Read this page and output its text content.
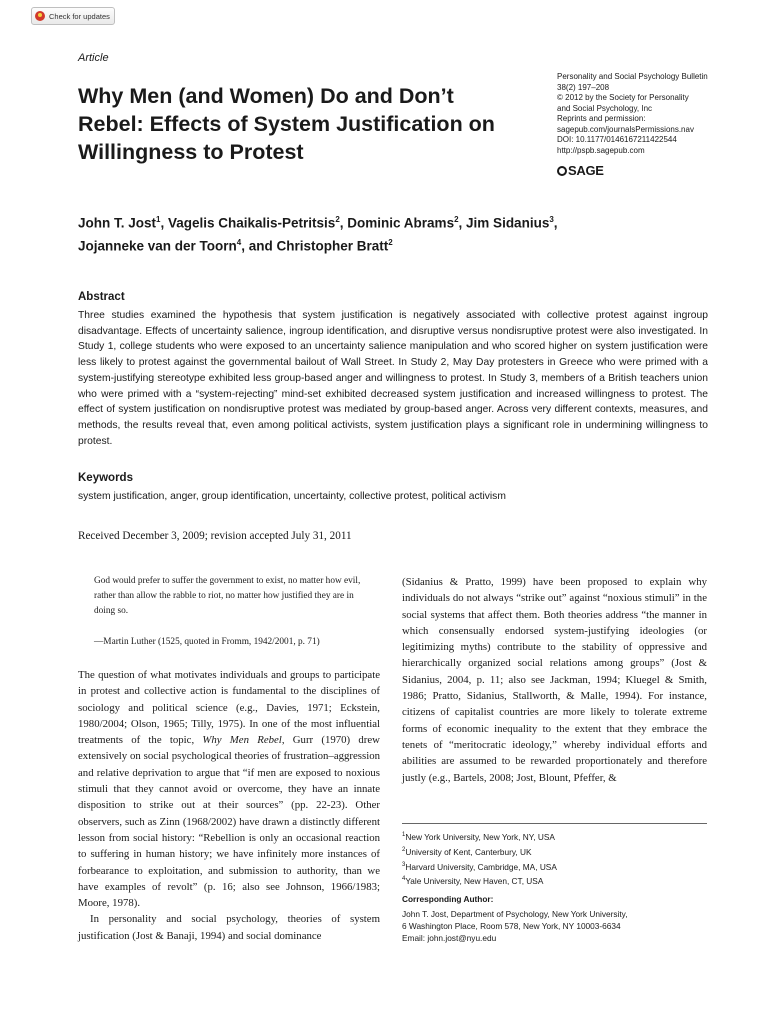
Check for updates
Article
Why Men (and Women) Do and Don’t Rebel: Effects of System Justification on Willingness to Protest
Personality and Social Psychology Bulletin
38(2) 197–208
© 2012 by the Society for Personality
and Social Psychology, Inc
Reprints and permission:
sagepub.com/journalsPermissions.nav
DOI: 10.1177/0146167211422544
http://pspb.sagepub.com
SAGE
John T. Jost$^1$, Vagelis Chaikalis-Petritsis$^2$, Dominic Abrams$^2$, Jim Sidanius$^3$,
Jojanneke van der Toorn$^4$, and Christopher Bratt$^2$
Abstract
Three studies examined the hypothesis that system justification is negatively associated with collective protest against ingroup disadvantage. Effects of uncertainty salience, ingroup identification, and disruptive versus nondisruptive protest were also investigated. In Study 1, college students who were exposed to an uncertainty salience manipulation and who scored higher on system justification were less likely to protest against the governmental bailout of Wall Street. In Study 2, May Day protesters in Greece who were primed with a system-justifying stereotype exhibited less group-based anger and willingness to protest. In Study 3, members of a British teachers union who were primed with a “system-rejecting” mind-set exhibited decreased system justification and increased willingness to protest. The effect of system justification on nondisruptive protest was mediated by group-based anger. Across very different contexts, measures, and methods, the results reveal that, even among political activists, system justification plays a significant role in undermining willingness to protest.
Keywords
system justification, anger, group identification, uncertainty, collective protest, political activism
Received December 3, 2009; revision accepted July 31, 2011
God would prefer to suffer the government to exist, no matter how evil, rather than allow the rabble to riot, no matter how justified they are in doing so.
—Martin Luther (1525, quoted in Fromm, 1942/2001, p. 71)

The question of what motivates individuals and groups to participate in protest and collective action is fundamental to the disciplines of sociology and political science (e.g., Davies, 1971; Eckstein, 1980/2004; Olson, 1965; Tilly, 1975). In one of the most influential treatments of the topic, Why Men Rebel, Gurr (1970) drew extensively on social psychological theories of frustration–aggression and relative deprivation to argue that “if men are exposed to noxious stimuli that they cannot avoid or overcome, they have an innate disposition to strike out at their sources” (pp. 22-23). Other observers, such as Zinn (1968/2002) have drawn a distinctly different lesson from social history: “Rebellion is only an occasional reaction to suffering in human history; we have infinitely more instances of forbearance to exploitation, and submission to authority, than we have examples of revolt” (p. 16; also see Johnson, 1966/1983; Moore, 1978).

In personality and social psychology, theories of system justification (Jost & Banaji, 1994) and social dominance

(Sidanius & Pratto, 1999) have been proposed to explain why individuals do not always “strike out” against “noxious stimuli” in the social systems that affect them. Both theories address “the manner in which consensually endorsed system-justifying ideologies (or legitimizing myths) contribute to the stability of oppressive and hierarchically organized social relations among groups” (Jost & Sidanius, 2004, p. 11; also see Jackman, 1994; Kluegel & Smith, 1986; Pratto, Sidanius, Stallworth, & Malle, 1994). For instance, citizens of capitalist countries are more likely to tolerate extreme forms of economic inequality to the extent that they embrace the tenets of “meritocratic ideology,” whereby individual efforts and abilities are assumed to be rewarded proportionately and therefore justly (e.g., Bartels, 2008; Jost, Blount, Pfeffer, &

$^1$New York University, New York, NY, USA
$^2$University of Kent, Canterbury, UK
$^3$Harvard University, Cambridge, MA, USA
$^4$Yale University, New Haven, CT, USA
Corresponding Author:
John T. Jost, Department of Psychology, New York University,
6 Washington Place, Room 578, New York, NY 10003-6634
Email: john.jost@nyu.edu
